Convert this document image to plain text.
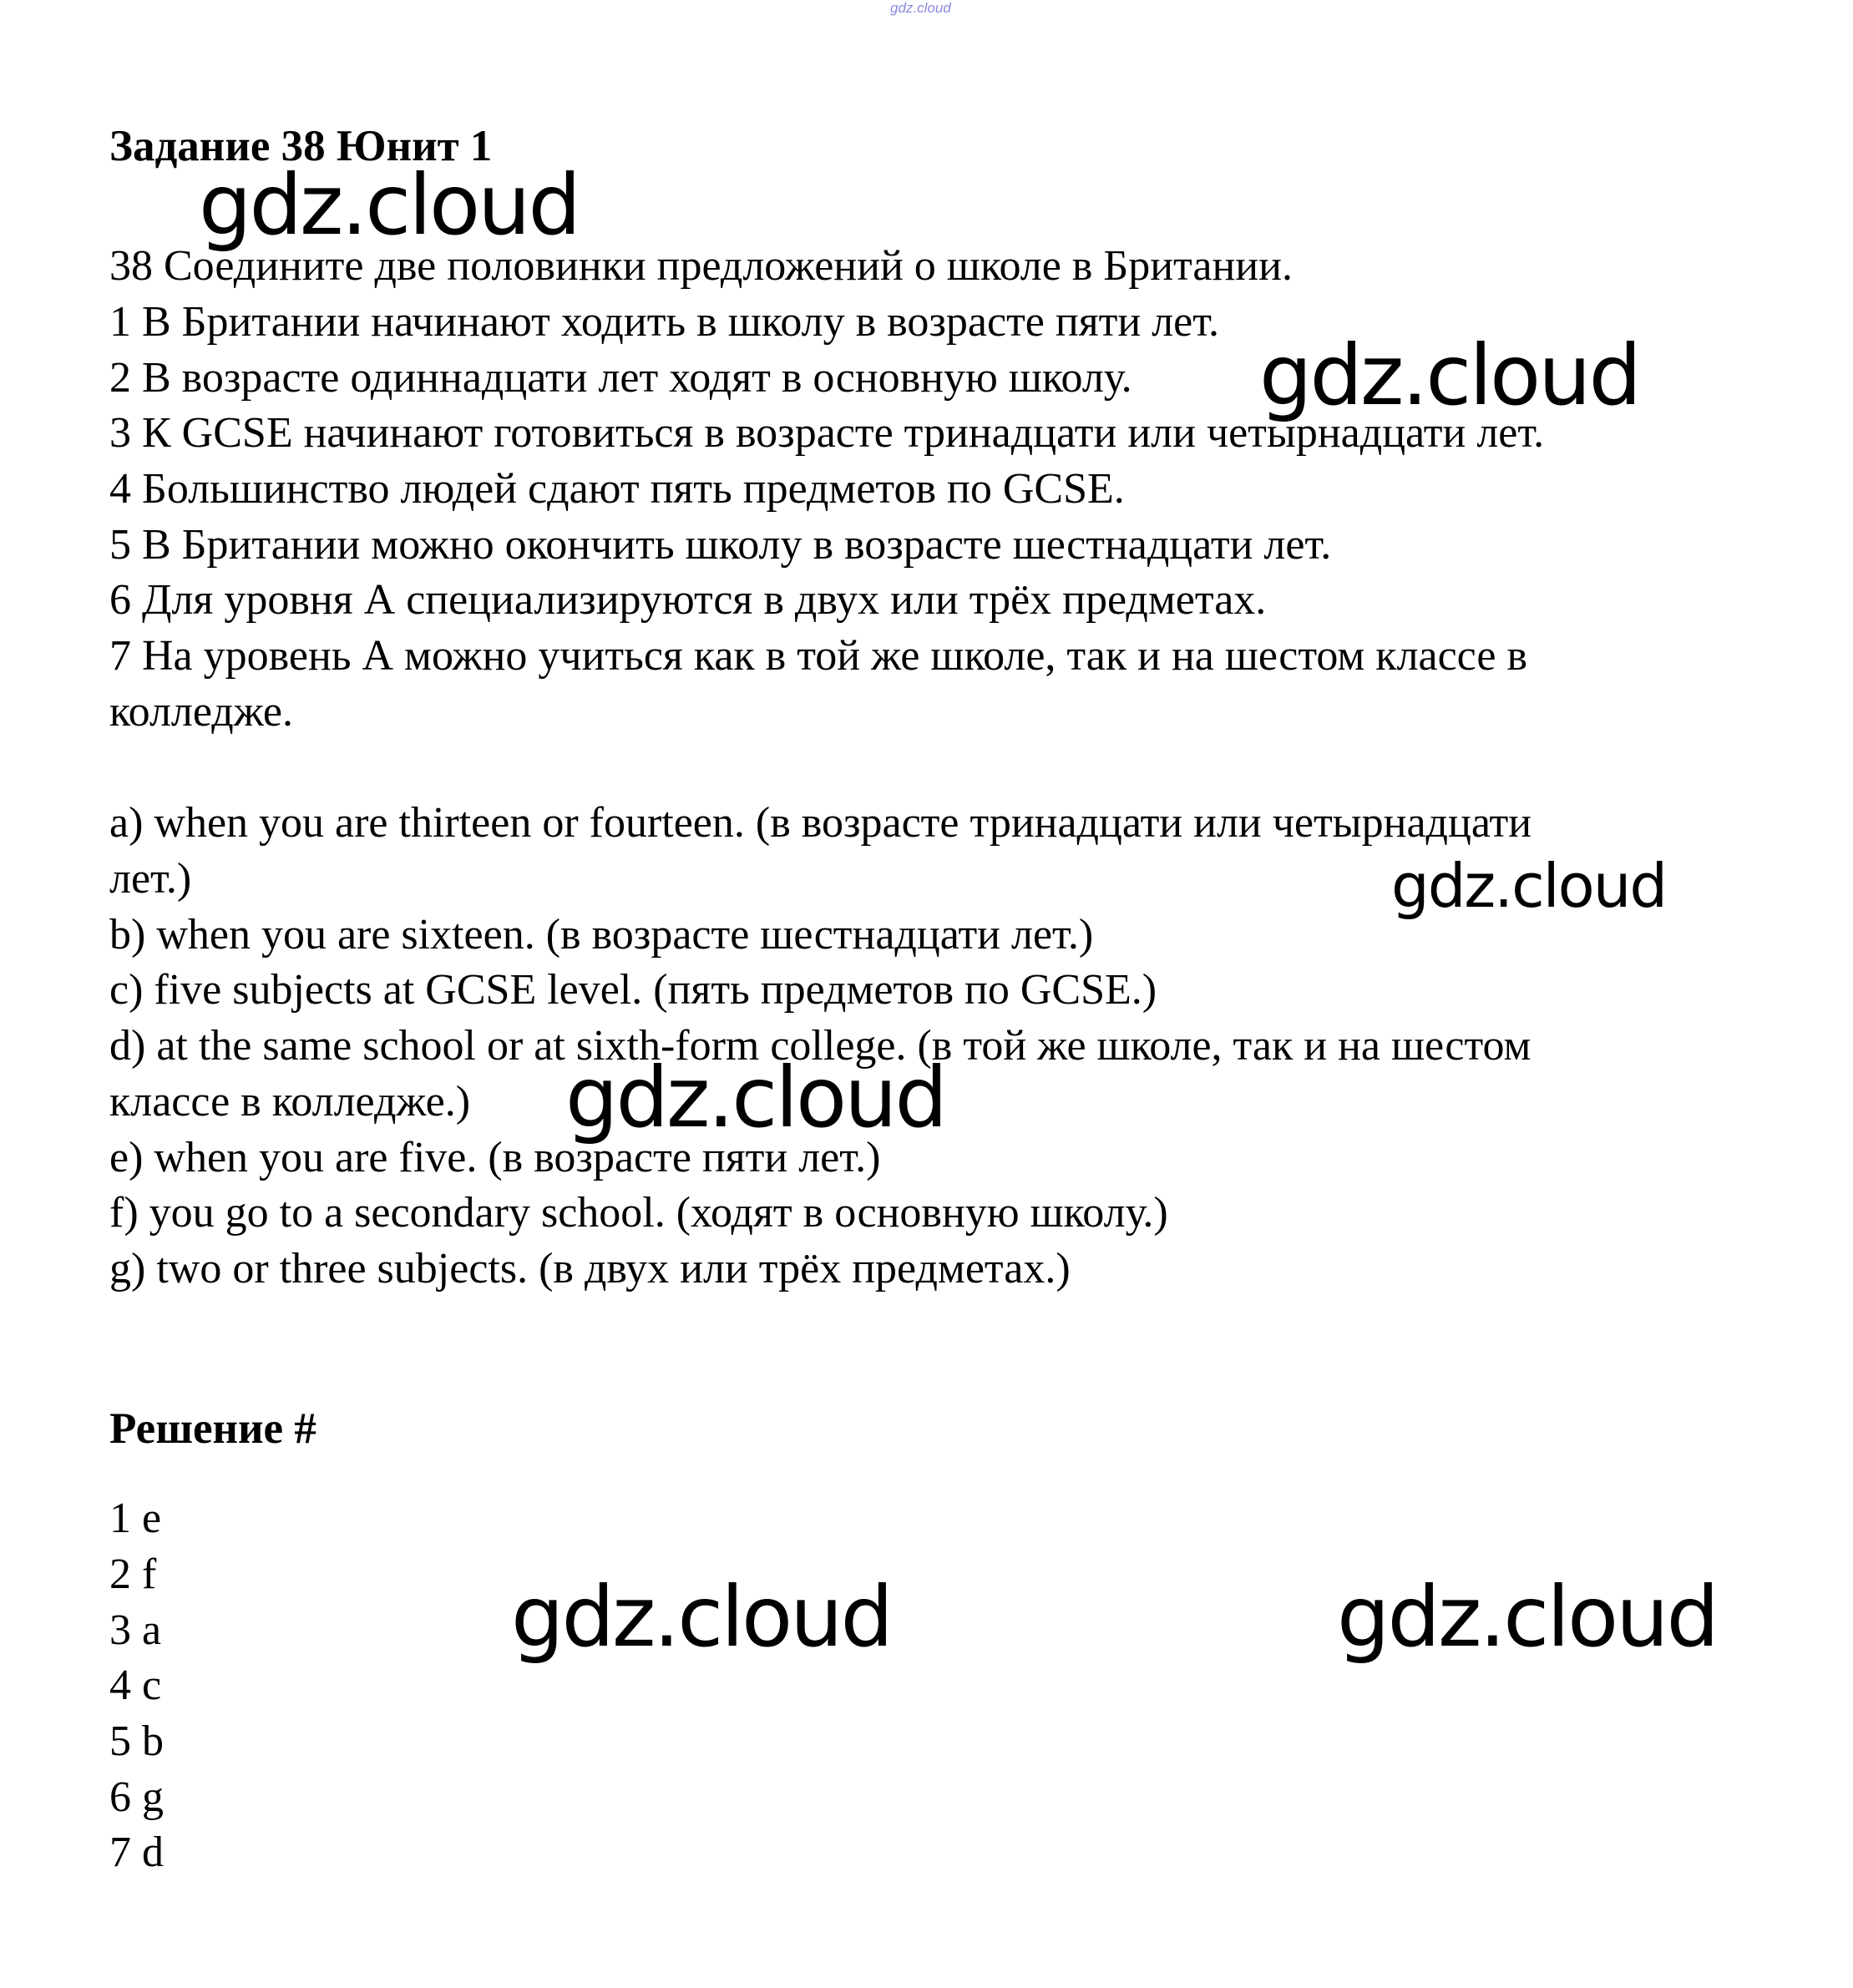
gdz.cloud
Задание 38 Юнит 1
38 Соедините две половинки предложений о школе в Британии.
1 В Британии начинают ходить в школу в возрасте пяти лет.
2 В возрасте одиннадцати лет ходят в основную школу.
3 К GCSE начинают готовиться в возрасте тринадцати или четырнадцати лет.
4 Большинство людей сдают пять предметов по GCSE.
5 В Британии можно окончить школу в возрасте шестнадцати лет.
6 Для уровня А специализируются в двух или трёх предметах.
7 На уровень А можно учиться как в той же школе, так и на шестом классе в
колледже.
a) when you are thirteen or fourteen. (в возрасте тринадцати или четырнадцати
лет.)
b) when you are sixteen. (в возрасте шестнадцати лет.)
c) five subjects at GCSE level. (пять предметов по GCSE.)
d) at the same school or at sixth-form college. (в той же школе, так и на шестом
классе в колледже.)
e) when you are five. (в возрасте пяти лет.)
f) you go to a secondary school. (ходят в основную школу.)
g) two or three subjects. (в двух или трёх предметах.)
Решение #
1 e
2 f
3 a
4 c
5 b
6 g
7 d
gdz.cloud
gdz.cloud
gdz.cloud
gdz.cloud
gdz.cloud	gdz.cloud
